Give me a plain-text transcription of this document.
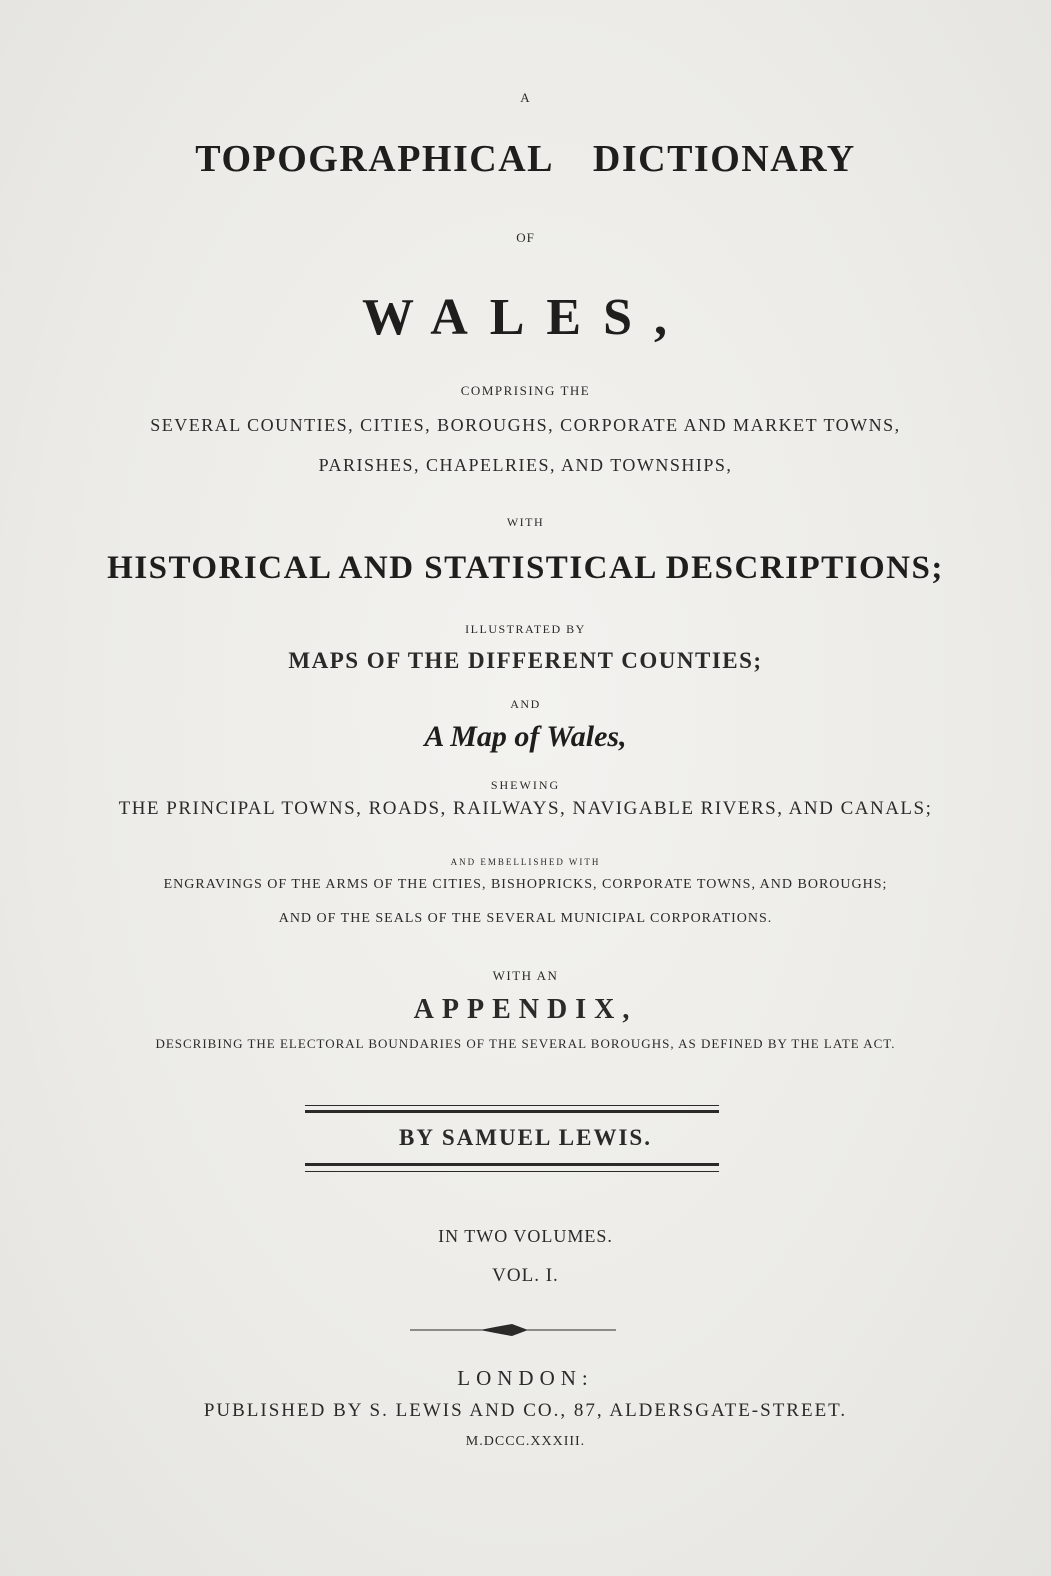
A
TOPOGRAPHICAL DICTIONARY
OF
WALES,
COMPRISING THE
SEVERAL COUNTIES, CITIES, BOROUGHS, CORPORATE AND MARKET TOWNS,
PARISHES, CHAPELRIES, AND TOWNSHIPS,
WITH
HISTORICAL AND STATISTICAL DESCRIPTIONS;
ILLUSTRATED BY
MAPS OF THE DIFFERENT COUNTIES;
AND
A Map of Wales,
SHEWING
THE PRINCIPAL TOWNS, ROADS, RAILWAYS, NAVIGABLE RIVERS, AND CANALS;
AND EMBELLISHED WITH
ENGRAVINGS OF THE ARMS OF THE CITIES, BISHOPRICKS, CORPORATE TOWNS, AND BOROUGHS;
AND OF THE SEALS OF THE SEVERAL MUNICIPAL CORPORATIONS.
WITH AN
APPENDIX,
DESCRIBING THE ELECTORAL BOUNDARIES OF THE SEVERAL BOROUGHS, AS DEFINED BY THE LATE ACT.
BY SAMUEL LEWIS.
IN TWO VOLUMES.
VOL. I.
LONDON:
PUBLISHED BY S. LEWIS AND CO., 87, ALDERSGATE-STREET.
M.DCCC.XXXIII.
